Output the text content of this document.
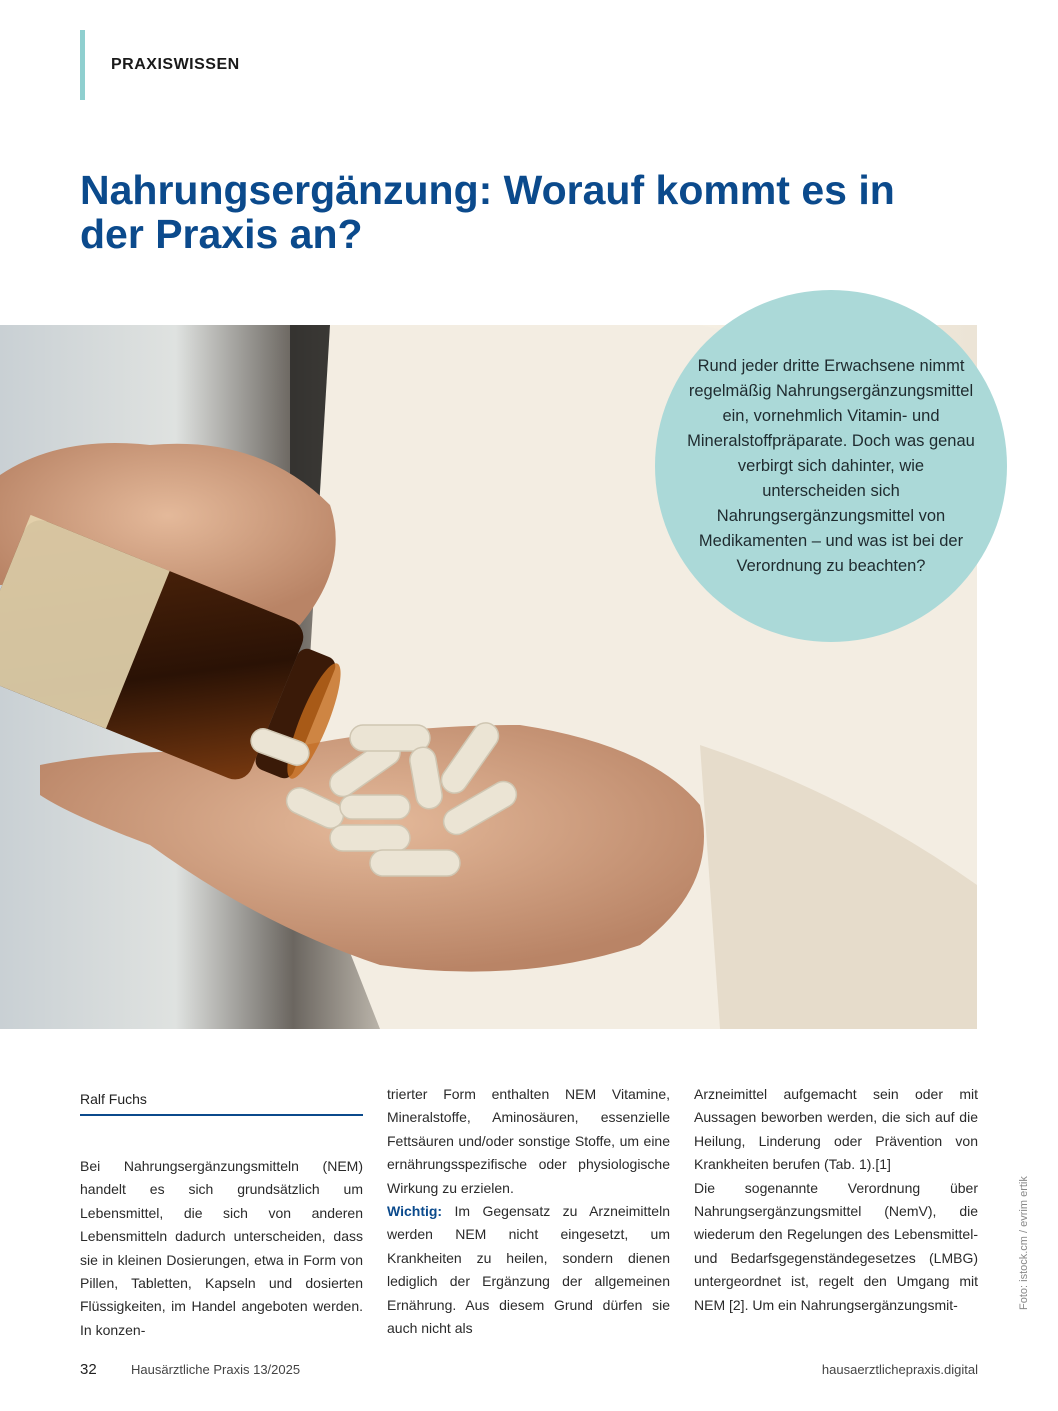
PRAXISWISSEN
Nahrungsergänzung: Worauf kommt es in der Praxis an?

Rund jeder dritte Erwachsene nimmt regelmäßig Nahrungsergänzungsmittel ein, vornehmlich Vitamin- und Mineralstoffpräparate. Doch was genau verbirgt sich dahinter, wie unterscheiden sich Nahrungsergänzungsmittel von Medikamenten – und was ist bei der Verordnung zu beachten?

Ralf Fuchs

Bei Nahrungsergänzungsmitteln (NEM) handelt es sich grundsätzlich um Lebensmittel, die sich von anderen Lebensmitteln dadurch unterscheiden, dass sie in kleinen Dosierungen, etwa in Form von Pillen, Tabletten, Kapseln und dosierten Flüssigkeiten, im Handel angeboten werden. In konzen-

trierter Form enthalten NEM Vitamine, Mineralstoffe, Aminosäuren, essenzielle Fettsäuren und/oder sonstige Stoffe, um eine ernährungsspezifische oder physiologische Wirkung zu erzielen.
Wichtig: Im Gegensatz zu Arzneimitteln werden NEM nicht eingesetzt, um Krankheiten zu heilen, sondern dienen lediglich der Ergänzung der allgemeinen Ernährung. Aus diesem Grund dürfen sie auch nicht als

Arzneimittel aufgemacht sein oder mit Aussagen beworben werden, die sich auf die Heilung, Linderung oder Prävention von Krankheiten berufen (Tab. 1).[1]
Die sogenannte Verordnung über Nahrungsergänzungsmittel (NemV), die wiederum den Regelungen des Lebensmittel- und Bedarfsgegenständegesetzes (LMBG) untergeordnet ist, regelt den Umgang mit NEM [2]. Um ein Nahrungsergänzungsmit-	Foto: istock.cm / evrim ertik
32	Hausärztliche Praxis 13/2025	hausaerztlichepraxis.digital
